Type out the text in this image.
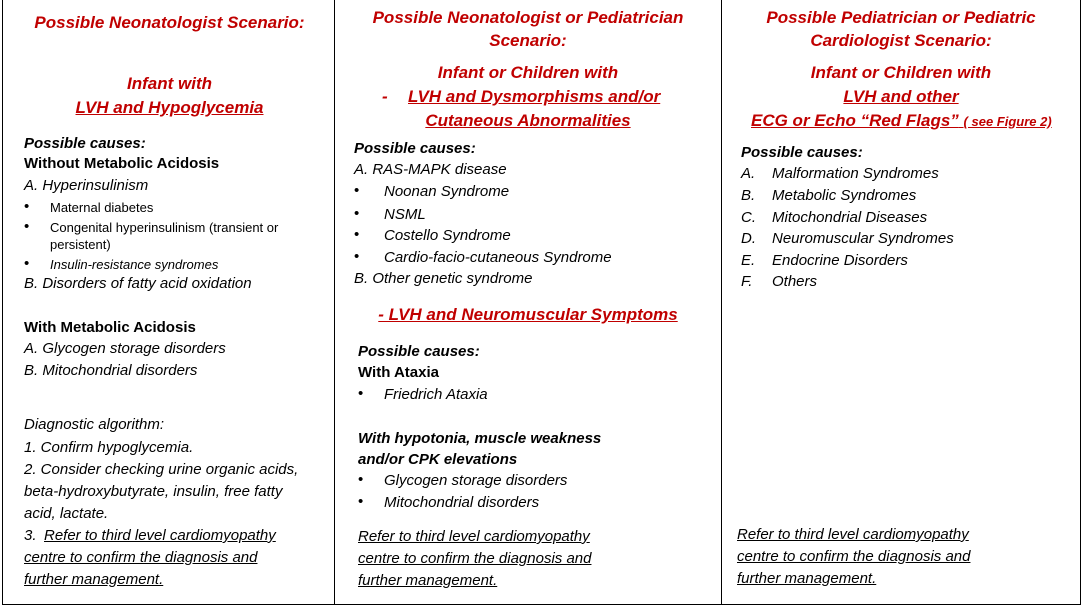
Possible Neonatologist Scenario:
Infant with
LVH and Hypoglycemia
Possible causes:
Without Metabolic Acidosis
A. Hyperinsulinism
• Maternal diabetes
• Congenital hyperinsulinism (transient or
persistent)
• Insulin-resistance syndromes
B. Disorders of fatty acid oxidation
With Metabolic Acidosis
A. Glycogen storage disorders
B. Mitochondrial disorders
Diagnostic algorithm:
1. Confirm hypoglycemia.
2. Consider checking urine organic acids,
beta-hydroxybutyrate, insulin, free fatty
acid, lactate.
3. Refer to third level cardiomyopathy
centre to confirm the diagnosis and
further management.
Possible Neonatologist or Pediatrician
Scenario:
Infant or Children with
- LVH and Dysmorphisms and/or
Cutaneous Abnormalities
Possible causes:
A. RAS-MAPK disease
• Noonan Syndrome
• NSML
• Costello Syndrome
• Cardio-facio-cutaneous Syndrome
B. Other genetic syndrome
- LVH and Neuromuscular Symptoms
Possible causes:
With Ataxia
• Friedrich Ataxia
With hypotonia, muscle weakness
and/or CPK elevations
• Glycogen storage disorders
• Mitochondrial disorders
Refer to third level cardiomyopathy
centre to confirm the diagnosis and
further management.
Possible Pediatrician or Pediatric
Cardiologist Scenario:
Infant or Children with
LVH and other
ECG or Echo “Red Flags” ( see Figure 2)
Possible causes:
A. Malformation Syndromes
B. Metabolic Syndromes
C. Mitochondrial Diseases
D. Neuromuscular Syndromes
E. Endocrine Disorders
F. Others
Refer to third level cardiomyopathy
centre to confirm the diagnosis and
further management.
